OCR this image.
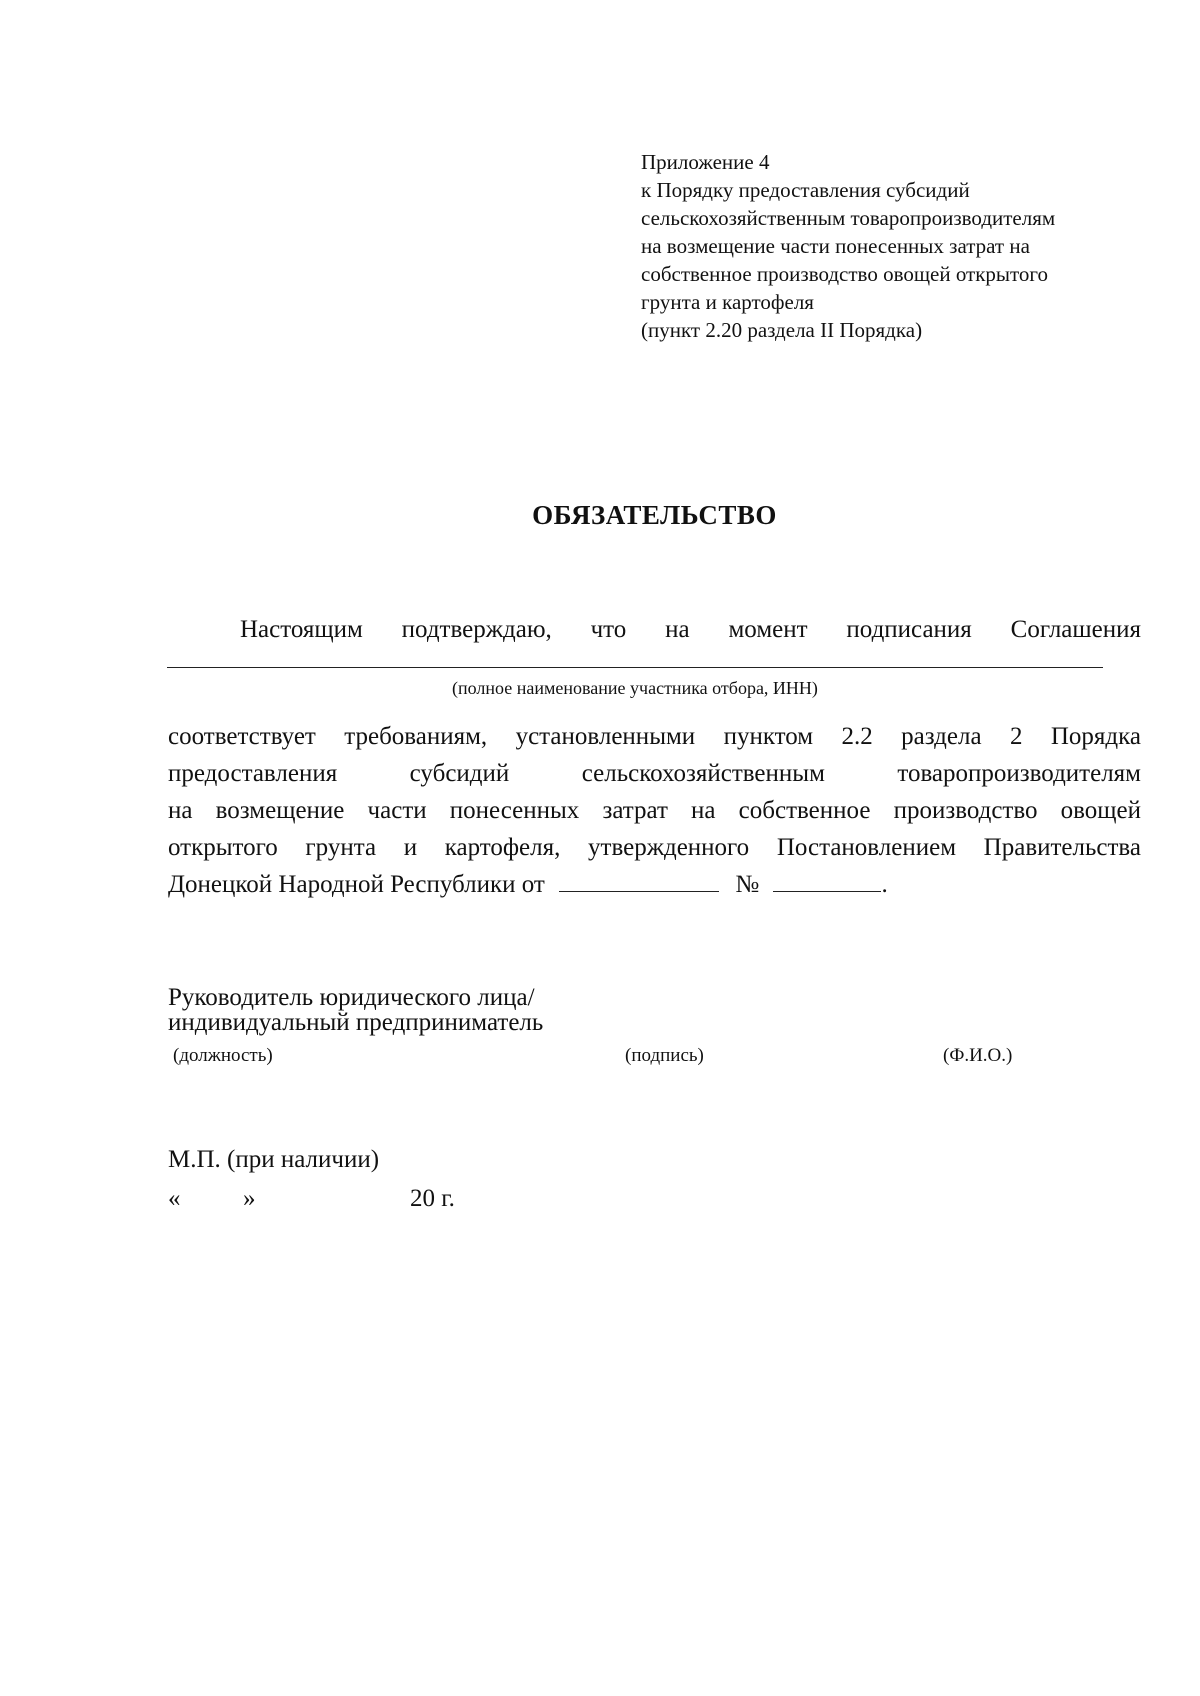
Приложение 4
к Порядку предоставления субсидий
сельскохозяйственным товаропроизводителям
на возмещение части понесенных затрат на
собственное производство овощей открытого
грунта и картофеля
(пункт 2.20 раздела II Порядка)
ОБЯЗАТЕЛЬСТВО
Настоящим подтверждаю, что на момент подписания Соглашения
(полное наименование участника отбора, ИНН)
соответствует требованиям, установленными пунктом 2.2 раздела 2 Порядка
предоставления субсидий сельскохозяйственным товаропроизводителям
на возмещение части понесенных затрат на собственное производство овощей
открытого грунта и картофеля, утвержденного Постановлением Правительства
Донецкой Народной Республики от	№	.
Руководитель юридического лица/
индивидуальный предприниматель
(должность)	(подпись)	(Ф.И.О.)
М.П. (при наличии)
«	»	20 г.
